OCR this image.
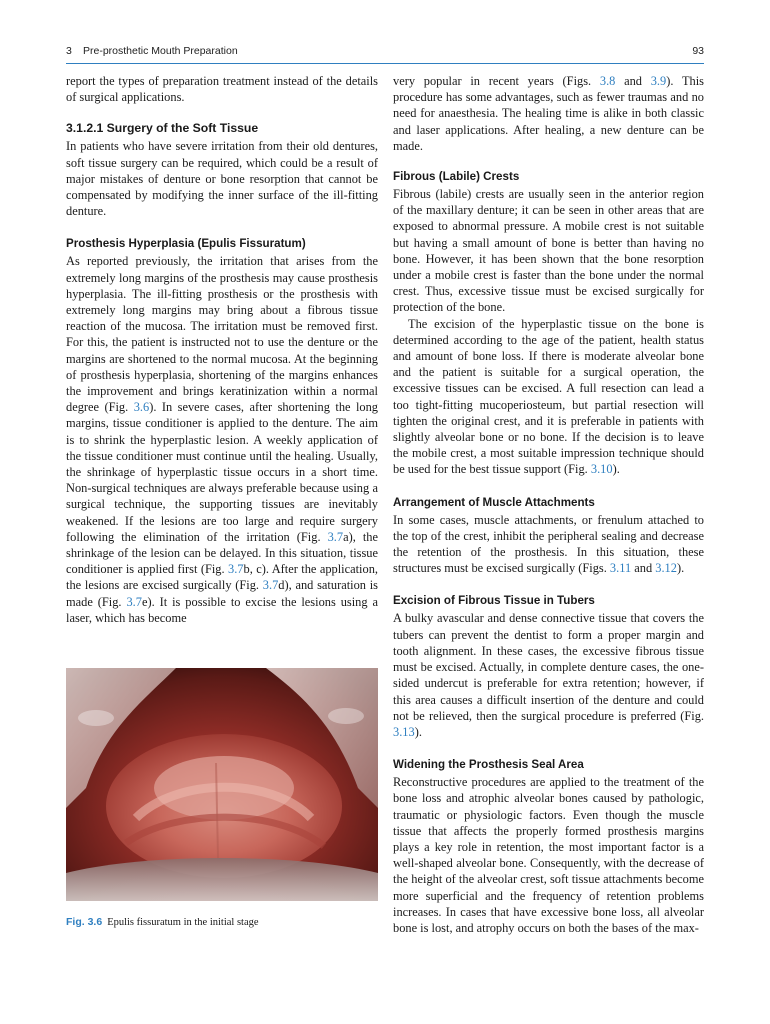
3 Pre-prosthetic Mouth Preparation	93

report the types of preparation treatment instead of the details of surgical applications.

3.1.2.1 Surgery of the Soft Tissue

In patients who have severe irritation from their old dentures, soft tissue surgery can be required, which could be a result of major mistakes of denture or bone resorption that cannot be compensated by modifying the inner surface of the ill-fitting denture.

Prosthesis Hyperplasia (Epulis Fissuratum)

As reported previously, the irritation that arises from the extremely long margins of the prosthesis may cause prosthesis hyperplasia. The ill-fitting prosthesis or the prosthesis with extremely long margins may bring about a fibrous tissue reaction of the mucosa. The irritation must be removed first. For this, the patient is instructed not to use the denture or the margins are shortened to the normal mucosa. At the beginning of prosthesis hyperplasia, shortening of the margins enhances the improvement and brings keratinization within a normal degree (Fig. 3.6). In severe cases, after shortening the long margins, tissue conditioner is applied to the denture. The aim is to shrink the hyperplastic lesion. A weekly application of the tissue conditioner must continue until the healing. Usually, the shrinkage of hyperplastic tissue occurs in a short time. Non-surgical techniques are always preferable because using a surgical technique, the supporting tissues are inevitably weakened. If the lesions are too large and require surgery following the elimination of the irritation (Fig. 3.7a), the shrinkage of the lesion can be delayed. In this situation, tissue conditioner is applied first (Fig. 3.7b, c). After the application, the lesions are excised surgically (Fig. 3.7d), and saturation is made (Fig. 3.7e). It is possible to excise the lesions using a laser, which has become

Fig. 3.6 Epulis fissuratum in the initial stage

very popular in recent years (Figs. 3.8 and 3.9). This procedure has some advantages, such as fewer traumas and no need for anaesthesia. The healing time is alike in both classic and laser applications. After healing, a new denture can be made.

Fibrous (Labile) Crests

Fibrous (labile) crests are usually seen in the anterior region of the maxillary denture; it can be seen in other areas that are exposed to abnormal pressure. A mobile crest is not suitable but having a small amount of bone is better than having no bone. However, it has been shown that the bone resorption under a mobile crest is faster than the bone under the normal crest. Thus, excessive tissue must be excised surgically for protection of the bone.

The excision of the hyperplastic tissue on the bone is determined according to the age of the patient, health status and amount of bone loss. If there is moderate alveolar bone and the patient is suitable for a surgical operation, the excessive tissues can be excised. A full resection can lead a too tight-fitting mucoperiosteum, but partial resection will tighten the original crest, and it is preferable in patients with slightly alveolar bone or no bone. If the decision is to leave the mobile crest, a most suitable impression technique should be used for the best tissue support (Fig. 3.10).

Arrangement of Muscle Attachments

In some cases, muscle attachments, or frenulum attached to the top of the crest, inhibit the peripheral sealing and decrease the retention of the prosthesis. In this situation, these structures must be excised surgically (Figs. 3.11 and 3.12).

Excision of Fibrous Tissue in Tubers

A bulky avascular and dense connective tissue that covers the tubers can prevent the dentist to form a proper margin and tooth alignment. In these cases, the excessive fibrous tissue must be excised. Actually, in complete denture cases, the one-sided undercut is preferable for extra retention; however, if this area causes a difficult insertion of the denture and could not be relieved, then the surgical procedure is preferred (Fig. 3.13).

Widening the Prosthesis Seal Area

Reconstructive procedures are applied to the treatment of the bone loss and atrophic alveolar bones caused by pathologic, traumatic or physiologic factors. Even though the muscle tissue that affects the properly formed prosthesis margins plays a key role in retention, the most important factor is a well-shaped alveolar bone. Consequently, with the decrease of the height of the alveolar crest, soft tissue attachments become more superficial and the frequency of retention problems increases. In cases that have excessive bone loss, all alveolar bone is lost, and atrophy occurs on both the bases of the max-
